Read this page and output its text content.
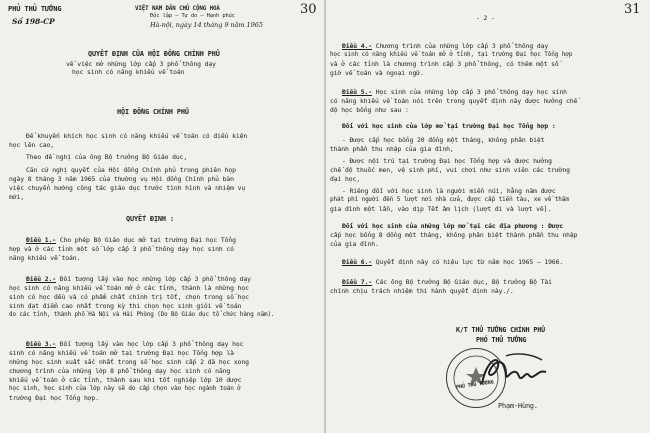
PHỦ THỦ TƯỚNG
Số 198-CP
VIỆT NAM DÂN CHỦ CỘNG HOÀ
Độc lập – Tự do – Hạnh phúc
Hà-nội, ngày 14 tháng 9 năm 1965
QUYẾT ĐỊNH CỦA HỘI ĐỒNG CHÍNH PHỦ
về việc mở những lớp cấp 3 phổ thông dạy
học sinh có năng khiếu về toán
HỘI ĐỒNG CHÍNH PHỦ
Để khuyến khích học sinh có năng khiếu về toán có điều kiện
học lên cao,
Theo đề nghị của ông Bộ trưởng Bộ Giáo dục,
Căn cứ nghị quyết của Hội đồng Chính phủ trong phiên họp
ngày 8 tháng 3 năm 1965 của thường vụ Hội đồng Chính phủ bàn
việc chuyển hướng công tác giáo dục trước tình hình và nhiệm vụ
mới,
QUYẾT ĐỊNH :
Điều 1.- Cho phép Bộ Giáo dục mở tại trường Đại học Tổng
hợp và ở các tỉnh một số lớp cấp 3 phổ thông dạy học sinh có
năng khiếu về toán.
Điều 2.- Đối tượng lấy vào học những lớp cấp 3 phổ thông dạy
học sinh có năng khiếu về toán mở ở các tỉnh, thành là những học
sinh có học đều và có phẩm chất chính trị tốt, chọn trong số học
sinh đạt điểm cao nhất trong kỳ thi chọn học sinh giỏi về toán
do các tỉnh, thành phố Hà Nội và Hải Phòng (Do Bộ Giáo dục tổ chức hàng năm).
Điều 3.- Đối tượng lấy vào học lớp cấp 3 phổ thông dạy học
sinh có năng khiếu về toán mở tại trường Đại học Tổng hợp là
những học sinh xuất sắc nhất trong số học sinh cấp 2 đã học xong
chương trình của những lớp 8 phổ thông dạy học sinh có năng
khiếu về toán ở các tỉnh, thành sau khi tốt nghiệp lớp 10 được
học sinh, học sinh của lớp này sẽ do cấp chọn vào học ngành toán ở
trường Đại học Tổng hợp.
30	31
- 2 -
Điều 4.- Chương trình của những lớp cấp 3 phổ thông dạy
học sinh có năng khiếu về toán mở ở tỉnh, tại trường Đại học Tổng hợp
và ở các tỉnh là chương trình cấp 3 phổ thông, có thêm một số
giờ về toán và ngoại ngữ.
Điều 5.- Học sinh của những lớp cấp 3 phổ thông dạy học sinh
có năng khiếu về toán nói trên trong quyết định này được hưởng chế
độ học bổng như sau :
Đối với học sinh của lớp mở tại trường Đại học Tổng hợp :
- Được cấp học bổng 20 đồng một tháng, không phân biệt
thành phần thu nhập của gia đình,
- Được nội trú tại trường Đại học Tổng hợp và được hưởng
chế độ thuốc men, vệ sinh phí, vui chơi như sinh viên các trường
đại học,
- Riêng đối với học sinh là người miền núi, hằng năm được
phát phí người đến 5 lượt nơi nhà cửa, được cấp tiền tàu, xe về thăm
gia đình một lần, vào dịp Tết âm lịch (lượt đi và lượt về).
Đối với học sinh của những lớp mở tại các địa phương : Được
cấp học bổng 8 đồng một tháng, không phân biệt thành phần thu nhập
của gia đình.
Điều 6.- Quyết định này có hiệu lực từ năm học 1965 – 1966.
Điều 7.- Các ông Bộ trưởng Bộ Giáo dục, Bộ trưởng Bộ Tài
chính chịu trách nhiệm thi hành quyết định này./.
K/T THỦ TƯỚNG CHÍNH PHỦ
PHÓ THỦ TƯỚNG
PHỦ THỦ TƯỚNG
Phạm-Hùng.
